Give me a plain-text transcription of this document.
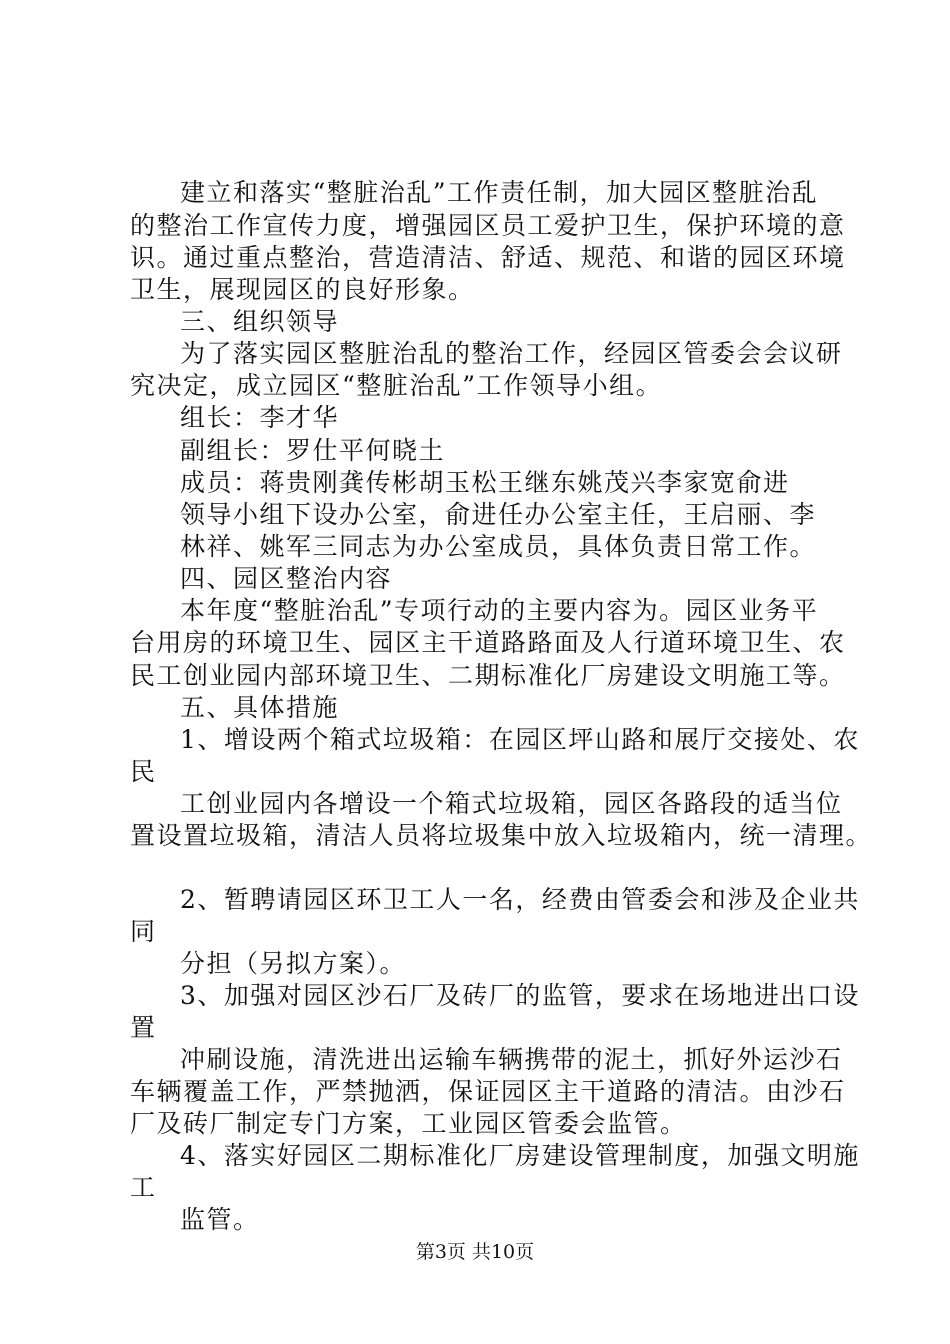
建立和落实“整脏治乱”工作责任制，加大园区整脏治乱
的整治工作宣传力度，增强园区员工爱护卫生，保护环境的意
识。通过重点整治，营造清洁、舒适、规范、和谐的园区环境
卫生，展现园区的良好形象。
三、组织领导
为了落实园区整脏治乱的整治工作，经园区管委会会议研
究决定，成立园区“整脏治乱”工作领导小组。
组长：李才华
副组长：罗仕平何晓土
成员：蒋贵刚龚传彬胡玉松王继东姚茂兴李家宽俞进
领导小组下设办公室，俞进任办公室主任，王启丽、李
林祥、姚军三同志为办公室成员，具体负责日常工作。
四、园区整治内容
本年度“整脏治乱”专项行动的主要内容为。园区业务平
台用房的环境卫生、园区主干道路路面及人行道环境卫生、农
民工创业园内部环境卫生、二期标准化厂房建设文明施工等。
五、具体措施
1、增设两个箱式垃圾箱：在园区坪山路和展厅交接处、农
民
工创业园内各增设一个箱式垃圾箱，园区各路段的适当位
置设置垃圾箱，清洁人员将垃圾集中放入垃圾箱内，统一清理。
2、暂聘请园区环卫工人一名，经费由管委会和涉及企业共
同
分担（另拟方案）。
3、加强对园区沙石厂及砖厂的监管，要求在场地进出口设
置
冲刷设施，清洗进出运输车辆携带的泥土，抓好外运沙石
车辆覆盖工作，严禁抛洒，保证园区主干道路的清洁。由沙石
厂及砖厂制定专门方案，工业园区管委会监管。
4、落实好园区二期标准化厂房建设管理制度，加强文明施
工
监管。
第3页 共10页
